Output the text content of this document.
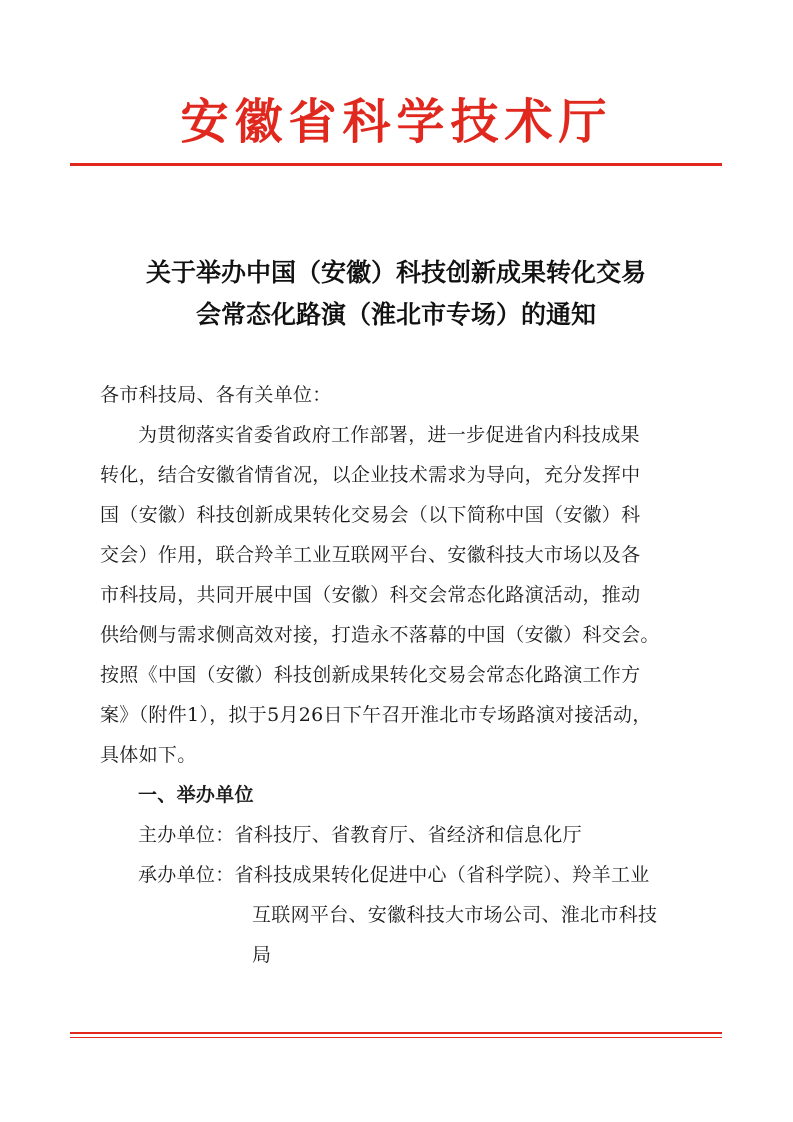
安徽省科学技术厅
关于举办中国（安徽）科技创新成果转化交易
会常态化路演（淮北市专场）的通知
各市科技局、各有关单位：
为贯彻落实省委省政府工作部署，进一步促进省内科技成果
转化，结合安徽省情省况，以企业技术需求为导向，充分发挥中
国（安徽）科技创新成果转化交易会（以下简称中国（安徽）科
交会）作用，联合羚羊工业互联网平台、安徽科技大市场以及各
市科技局，共同开展中国（安徽）科交会常态化路演活动，推动
供给侧与需求侧高效对接，打造永不落幕的中国（安徽）科交会。
按照《中国（安徽）科技创新成果转化交易会常态化路演工作方
案》（附件1），拟于5月26日下午召开淮北市专场路演对接活动，
具体如下。
一、举办单位
主办单位：省科技厅、省教育厅、省经济和信息化厅
承办单位：省科技成果转化促进中心（省科学院）、羚羊工业
互联网平台、安徽科技大市场公司、淮北市科技
局
